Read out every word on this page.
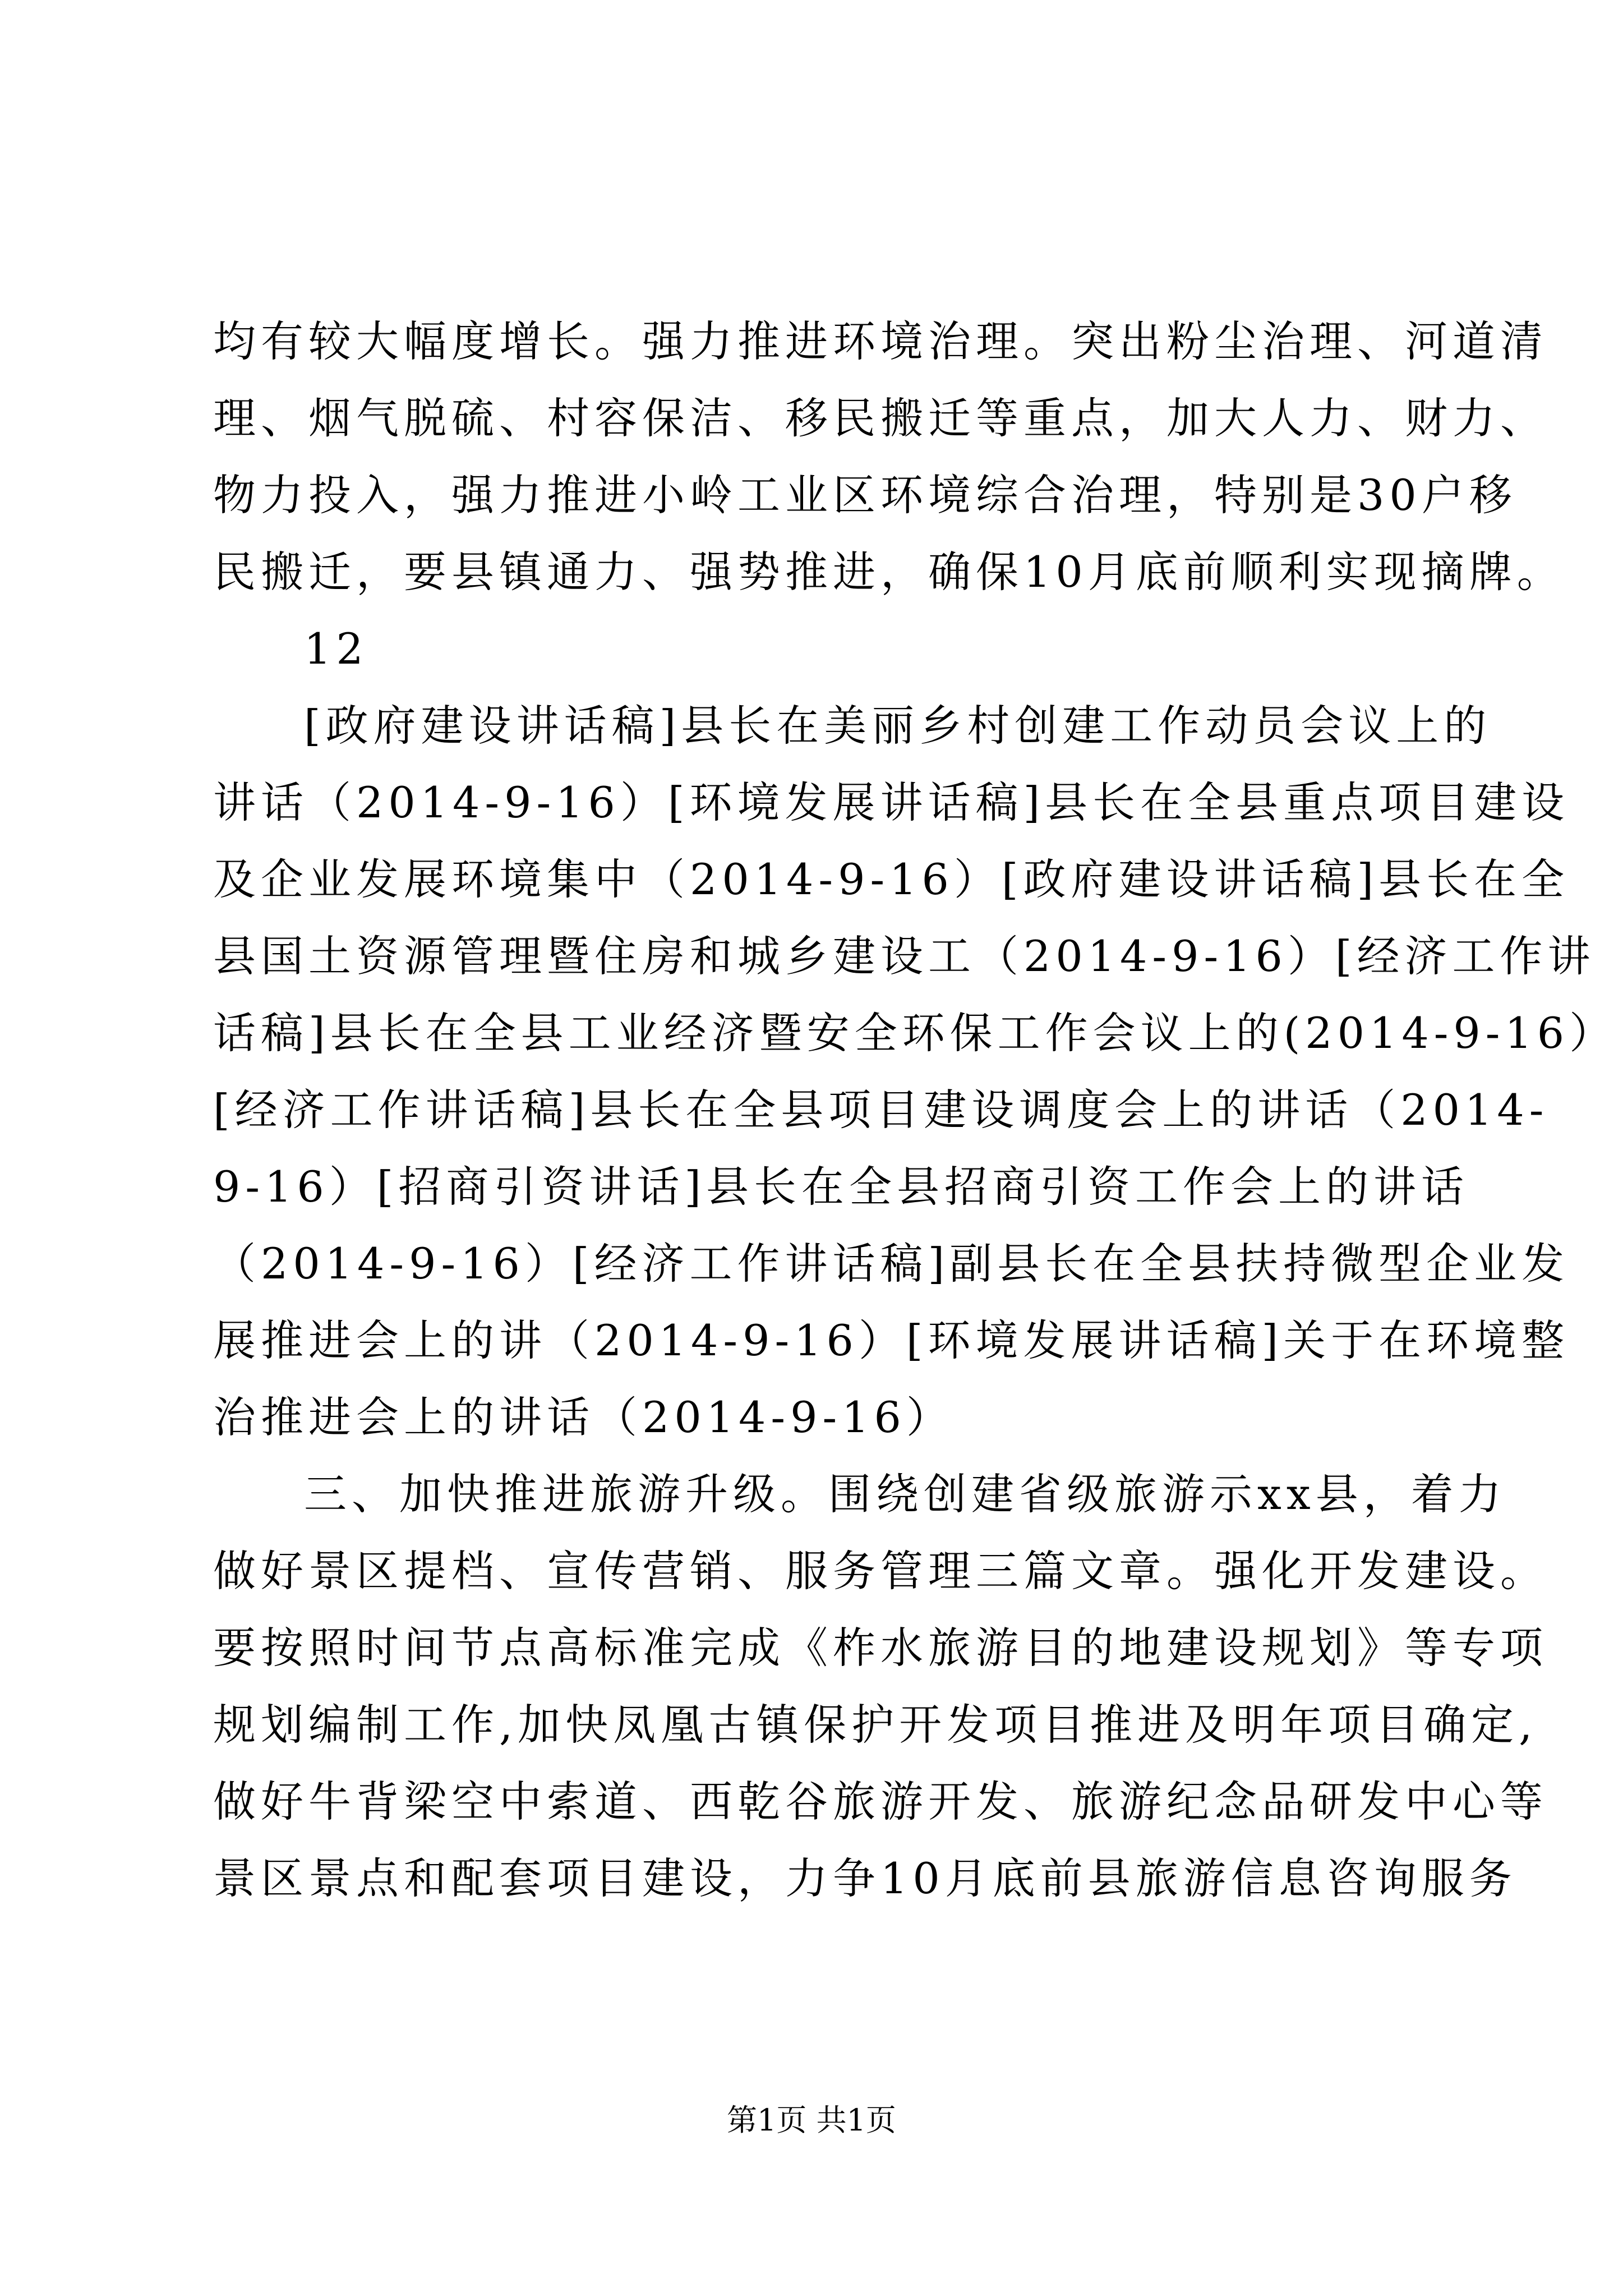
均有较大幅度增长。强力推进环境治理。突出粉尘治理、河道清
理、烟气脱硫、村容保洁、移民搬迁等重点，加大人力、财力、
物力投入，强力推进小岭工业区环境综合治理，特别是30户移
民搬迁，要县镇通力、强势推进，确保10月底前顺利实现摘牌。
12
[政府建设讲话稿]县长在美丽乡村创建工作动员会议上的
讲话（2014-9-16）[环境发展讲话稿]县长在全县重点项目建设
及企业发展环境集中（2014-9-16）[政府建设讲话稿]县长在全
县国土资源管理暨住房和城乡建设工（2014-9-16）[经济工作讲
话稿]县长在全县工业经济暨安全环保工作会议上的(2014-9-16）
[经济工作讲话稿]县长在全县项目建设调度会上的讲话（2014-
9-16）[招商引资讲话]县长在全县招商引资工作会上的讲话
（2014-9-16）[经济工作讲话稿]副县长在全县扶持微型企业发
展推进会上的讲（2014-9-16）[环境发展讲话稿]关于在环境整
治推进会上的讲话（2014-9-16）
三、加快推进旅游升级。围绕创建省级旅游示xx县，着力
做好景区提档、宣传营销、服务管理三篇文章。强化开发建设。
要按照时间节点高标准完成《柞水旅游目的地建设规划》等专项
规划编制工作,加快凤凰古镇保护开发项目推进及明年项目确定,
做好牛背梁空中索道、西乾谷旅游开发、旅游纪念品研发中心等
景区景点和配套项目建设，力争10月底前县旅游信息咨询服务
第1页 共1页
